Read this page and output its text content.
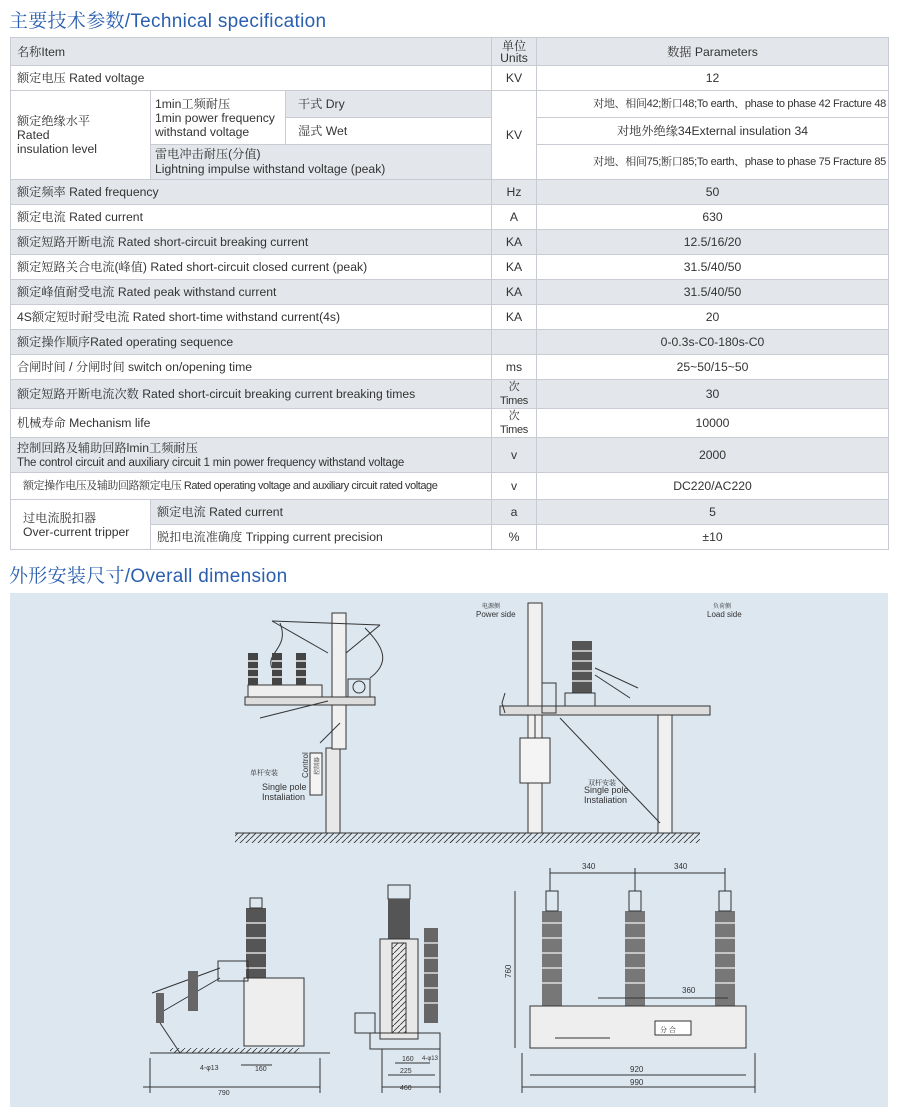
主要技术参数/Technical specification
名称Item			单位
Units	数据 Parameters
额定电压 Rated voltage			KV	12
额定绝缘水平
Rated
insulation level	1min工频耐压
1min power frequency
withstand voltage	干式 Dry	KV	对地、相间42;断口48;To earth、phase to phase 42 Fracture 48
		湿式 Wet		对地外绝缘34External insulation 34
	雷电冲击耐压(分值)
Lightning impulse withstand voltage (peak)			对地、相间75;断口85;To earth、phase to phase 75 Fracture 85
额定频率 Rated frequency			Hz	50
额定电流 Rated current			A	630
额定短路开断电流 Rated short-circuit breaking current			KA	12.5/16/20
额定短路关合电流(峰值) Rated short-circuit closed current (peak)			KA	31.5/40/50
额定峰值耐受电流 Rated peak withstand current			KA	31.5/40/50
4S额定短时耐受电流 Rated short-time withstand current(4s)			KA	20
额定操作顺序Rated operating sequence				0-0.3s-C0-180s-C0
合闸时间 / 分闸时间 switch on/opening time			ms	25~50/15~50
额定短路开断电流次数 Rated short-circuit breaking current breaking times			次Times	30
机械寿命 Mechanism life			次Times	10000
控制回路及辅助回路lmin工频耐压
The control circuit and auxiliary circuit 1 min power frequency withstand voltage			v	2000
额定操作电压及辅助回路额定电压 Rated operating voltage and auxiliary circuit rated voltage			v	DC220/AC220
过电流脱扣器
Over-current tripper	额定电流 Rated current		a	5
	脱扣电流准确度 Tripping current precision		%	±10
外形安装尺寸/Overall dimension
单杆安装
Single pole
Instaliation
Control 控制器
电源侧
Power side
负荷侧
Load side
双杆安装
Single pole
Instaliation
4-φ13	160
790
160 4-φ13
225
460
340	340
分 合
760
360
920
990
